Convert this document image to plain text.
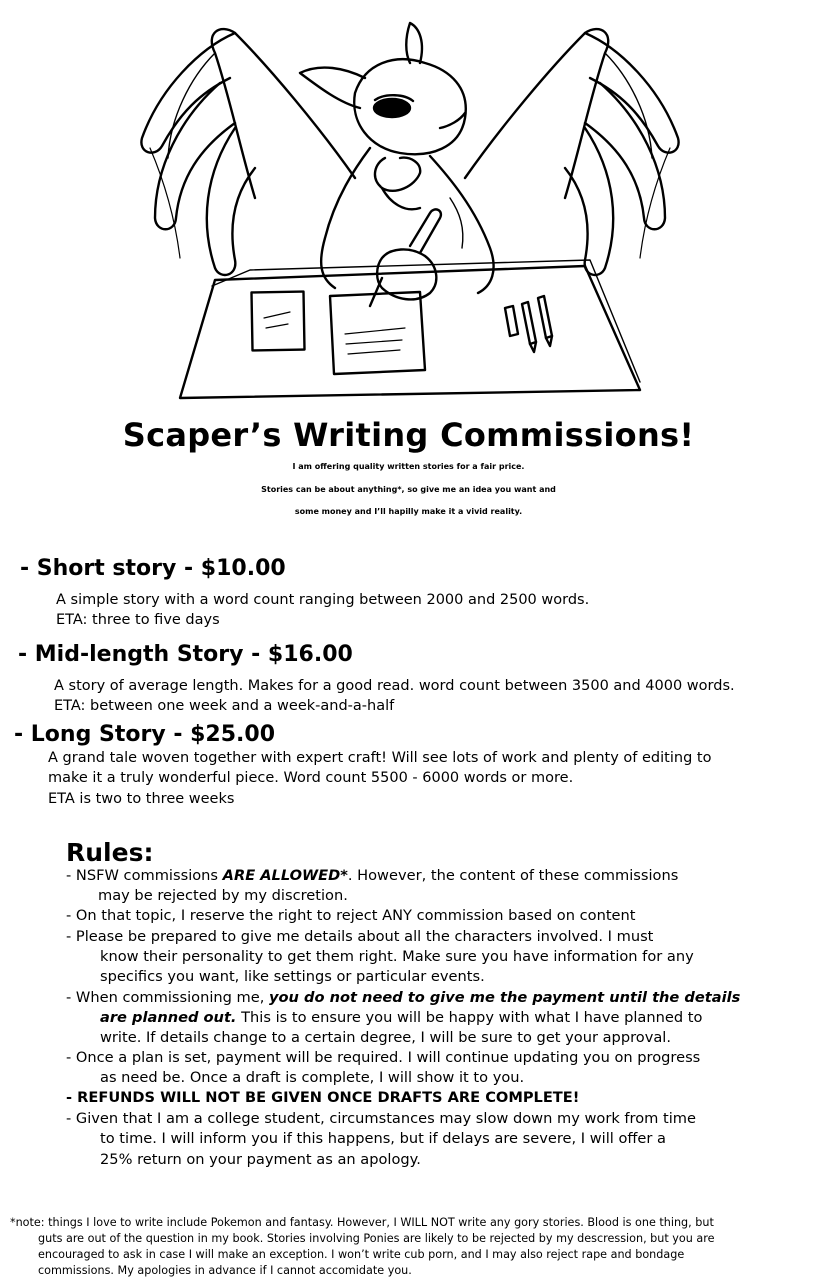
Scaper’s Writing Commissions!
I am offering quality written stories for a fair price.
Stories can be about anything*, so give me an idea you want and
some money and I’ll hapilly make it a vivid reality.
- Short story - $10.00
A simple story with a word count ranging between 2000 and 2500 words.
ETA: three to five days
- Mid-length Story - $16.00
A story of average length. Makes for a good read. word count between 3500 and 4000 words.
ETA: between one week and a week-and-a-half
- Long Story - $25.00
A grand tale woven together with expert craft! Will see lots of work and plenty of editing to
make it a truly wonderful piece. Word count 5500 - 6000 words or more.
ETA is two to three weeks
Rules:
- NSFW commissions ARE ALLOWED*. However, the content of these commissions
may be rejected by my discretion.
- On that topic, I reserve the right to reject ANY commission based on content
- Please be prepared to give me details about all the characters involved. I must
know their personality to get them right. Make sure you have information for any
specifics you want, like settings or particular events.
- When commissioning me, you do not need to give me the payment until the details
are planned out. This is to ensure you will be happy with what I have planned to
write. If details change to a certain degree, I will be sure to get your approval.
- Once a plan is set, payment will be required. I will continue updating you on progress
as need be. Once a draft is complete, I will show it to you.
- REFUNDS WILL NOT BE GIVEN ONCE DRAFTS ARE COMPLETE!
- Given that I am a college student, circumstances may slow down my work from time
to time. I will inform you if this happens, but if delays are severe, I will offer a
25% return on your payment as an apology.
*note: things I love to write include Pokemon and fantasy. However, I WILL NOT write any gory stories. Blood is one thing, but
guts are out of the question in my book. Stories involving Ponies are likely to be rejected by my descression, but you are
encouraged to ask in case I will make an exception. I won’t write cub porn, and I may also reject rape and bondage
commissions. My apologies in advance if I cannot accomidate you.
